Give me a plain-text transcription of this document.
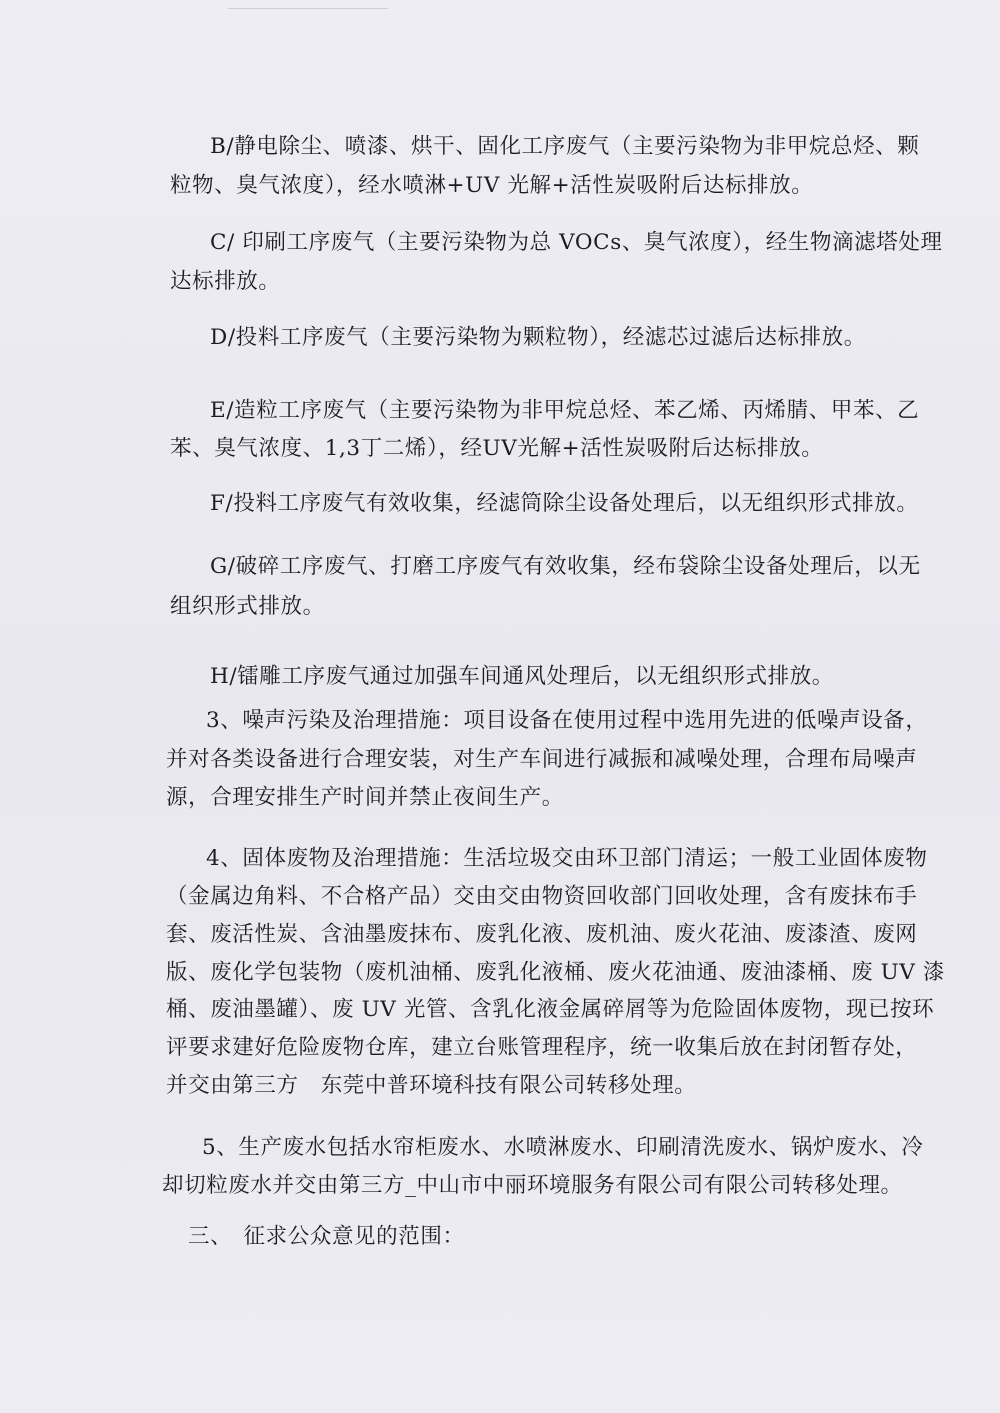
B/静电除尘、喷漆、烘干、固化工序废气（主要污染物为非甲烷总烃、颗
粒物、臭气浓度），经水喷淋+UV 光解+活性炭吸附后达标排放。
C/ 印刷工序废气（主要污染物为总 VOCs、臭气浓度），经生物滴滤塔处理
达标排放。
D/投料工序废气（主要污染物为颗粒物），经滤芯过滤后达标排放。
E/造粒工序废气（主要污染物为非甲烷总烃、苯乙烯、丙烯腈、甲苯、乙
苯、臭气浓度、1,3丁二烯），经UV光解+活性炭吸附后达标排放。
F/投料工序废气有效收集，经滤筒除尘设备处理后，以无组织形式排放。
G/破碎工序废气、打磨工序废气有效收集，经布袋除尘设备处理后，以无
组织形式排放。
H/镭雕工序废气通过加强车间通风处理后，以无组织形式排放。
3、噪声污染及治理措施：项目设备在使用过程中选用先进的低噪声设备，
并对各类设备进行合理安装，对生产车间进行减振和减噪处理，合理布局噪声
源，合理安排生产时间并禁止夜间生产。
4、固体废物及治理措施：生活垃圾交由环卫部门清运；一般工业固体废物
（金属边角料、不合格产品）交由交由物资回收部门回收处理，含有废抹布手
套、废活性炭、含油墨废抹布、废乳化液、废机油、废火花油、废漆渣、废网
版、废化学包装物（废机油桶、废乳化液桶、废火花油通、废油漆桶、废 UV 漆
桶、废油墨罐）、废 UV 光管、含乳化液金属碎屑等为危险固体废物，现已按环
评要求建好危险废物仓库，建立台账管理程序，统一收集后放在封闭暂存处，
并交由第三方　东莞中普环境科技有限公司转移处理。
5、生产废水包括水帘柜废水、水喷淋废水、印刷清洗废水、锅炉废水、冷
却切粒废水并交由第三方_中山市中丽环境服务有限公司有限公司转移处理。
三、　征求公众意见的范围：
